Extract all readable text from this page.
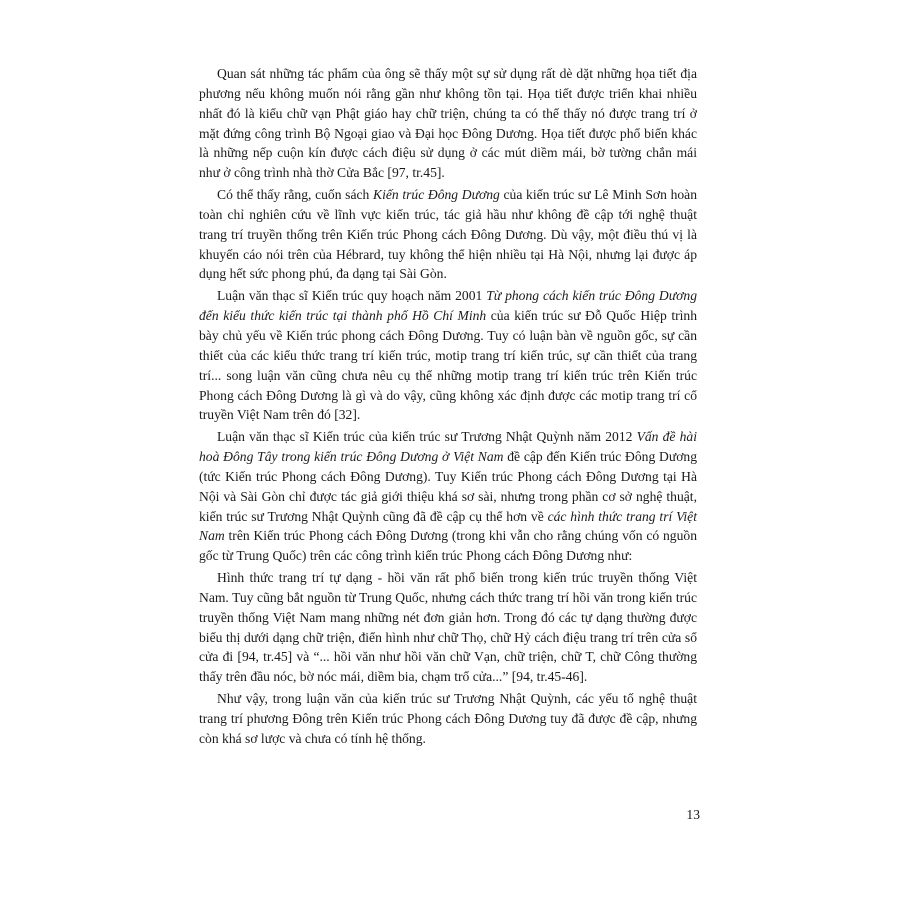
Quan sát những tác phẩm của ông sẽ thấy một sự sử dụng rất dè dặt những họa tiết địa phương nếu không muốn nói rằng gần như không tồn tại. Họa tiết được triển khai nhiều nhất đó là kiểu chữ vạn Phật giáo hay chữ triện, chúng ta có thể thấy nó được trang trí ở mặt đứng công trình Bộ Ngoại giao và Đại học Đông Dương. Họa tiết được phổ biến khác là những nếp cuộn kín được cách điệu sử dụng ở các mút diềm mái, bờ tường chắn mái như ở công trình nhà thờ Cửa Bắc [97, tr.45].

Có thể thấy rằng, cuốn sách Kiến trúc Đông Dương của kiến trúc sư Lê Minh Sơn hoàn toàn chỉ nghiên cứu về lĩnh vực kiến trúc, tác giả hầu như không đề cập tới nghệ thuật trang trí truyền thống trên Kiến trúc Phong cách Đông Dương. Dù vậy, một điều thú vị là khuyến cáo nói trên của Hébrard, tuy không thể hiện nhiều tại Hà Nội, nhưng lại được áp dụng hết sức phong phú, đa dạng tại Sài Gòn.

Luận văn thạc sĩ Kiến trúc quy hoạch năm 2001 Từ phong cách kiến trúc Đông Dương đến kiểu thức kiến trúc tại thành phố Hồ Chí Minh của kiến trúc sư Đỗ Quốc Hiệp trình bày chủ yếu về Kiến trúc phong cách Đông Dương. Tuy có luận bàn về nguồn gốc, sự cần thiết của các kiểu thức trang trí kiến trúc, motip trang trí kiến trúc, sự cần thiết của trang trí... song luận văn cũng chưa nêu cụ thể những motip trang trí kiến trúc trên Kiến trúc Phong cách Đông Dương là gì và do vậy, cũng không xác định được các motip trang trí cổ truyền Việt Nam trên đó [32].

Luận văn thạc sĩ Kiến trúc của kiến trúc sư Trương Nhật Quỳnh năm 2012 Vấn đề hài hoà Đông Tây trong kiến trúc Đông Dương ở Việt Nam đề cập đến Kiến trúc Đông Dương (tức Kiến trúc Phong cách Đông Dương). Tuy Kiến trúc Phong cách Đông Dương tại Hà Nội và Sài Gòn chỉ được tác giả giới thiệu khá sơ sài, nhưng trong phần cơ sở nghệ thuật, kiến trúc sư Trương Nhật Quỳnh cũng đã đề cập cụ thể hơn về các hình thức trang trí Việt Nam trên Kiến trúc Phong cách Đông Dương (trong khi vẫn cho rằng chúng vốn có nguồn gốc từ Trung Quốc) trên các công trình kiến trúc Phong cách Đông Dương như:

Hình thức trang trí tự dạng - hồi văn rất phổ biến trong kiến trúc truyền thống Việt Nam. Tuy cũng bắt nguồn từ Trung Quốc, nhưng cách thức trang trí hồi văn trong kiến trúc truyền thống Việt Nam mang những nét đơn giản hơn. Trong đó các tự dạng thường được biểu thị dưới dạng chữ triện, điển hình như chữ Thọ, chữ Hỷ cách điệu trang trí trên cửa sổ cửa đi [94, tr.45] và “... hồi văn như hồi văn chữ Vạn, chữ triện, chữ T, chữ Công thường thấy trên đầu nóc, bờ nóc mái, diềm bia, chạm trổ cửa...” [94, tr.45-46].

Như vậy, trong luận văn của kiến trúc sư Trương Nhật Quỳnh, các yếu tố nghệ thuật trang trí phương Đông trên Kiến trúc Phong cách Đông Dương tuy đã được đề cập, nhưng còn khá sơ lược và chưa có tính hệ thống.

13
